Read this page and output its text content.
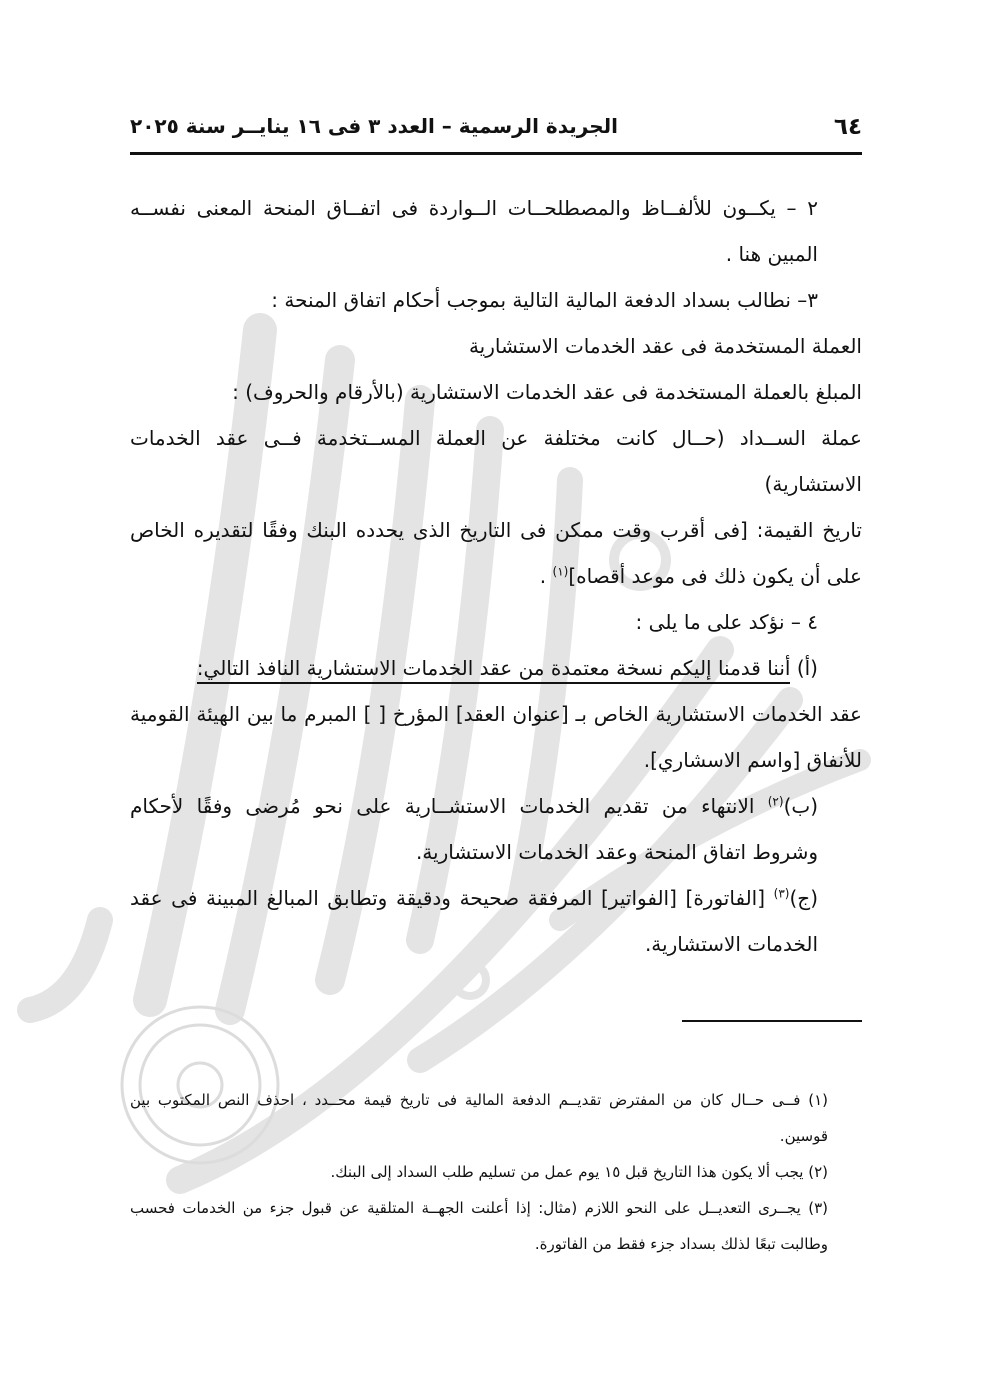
٦٤
الجريدة الرسمية – العدد ٣ فى ١٦ ينايــر سنة ٢٠٢٥

٢ – يكــون للألفــاظ والمصطلحــات الــواردة فى اتفــاق المنحة المعنى نفســه المبين هنا .

٣– نطالب بسداد الدفعة المالية التالية بموجب أحكام اتفاق المنحة :

العملة المستخدمة فى عقد الخدمات الاستشارية

المبلغ بالعملة المستخدمة فى عقد الخدمات الاستشارية (بالأرقام والحروف) :

عملة الســداد (حــال كانت مختلفة عن العملة المســتخدمة فــى عقد الخدمات الاستشارية)

تاريخ القيمة: [فى أقرب وقت ممكن فى التاريخ الذى يحدده البنك وفقًا لتقديره الخاص على أن يكون ذلك فى موعد أقصاه]$^{(١)}$ .

٤ – نؤكد على ما يلى :

(أ) أننا قدمنا إليكم نسخة معتمدة من عقد الخدمات الاستشارية النافذ التالي:

عقد الخدمات الاستشارية الخاص بـ [عنوان العقد] المؤرخ [ ] المبرم ما بين الهيئة القومية للأنفاق [واسم الاسشاري].

(ب)$^{(٢)}$ الانتهاء من تقديم الخدمات الاستشــارية على نحو مُرضى وفقًا لأحكام وشروط اتفاق المنحة وعقد الخدمات الاستشارية.

(ج)$^{(٣)}$ [الفاتورة] [الفواتير] المرفقة صحيحة ودقيقة وتطابق المبالغ المبينة فى عقد الخدمات الاستشارية.

(١) فــى حــال كان من المفترض تقديــم الدفعة المالية فى تاريخ قيمة محــدد ، احذف النص المكتوب بين قوسين.

(٢) يجب ألا يكون هذا التاريخ قبل ١٥ يوم عمل من تسليم طلب السداد إلى البنك.

(٣) يجــرى التعديــل على النحو اللازم (مثال: إذا أعلنت الجهــة المتلقية عن قبول جزء من الخدمات فحسب وطالبت تبعًا لذلك بسداد جزء فقط من الفاتورة.
